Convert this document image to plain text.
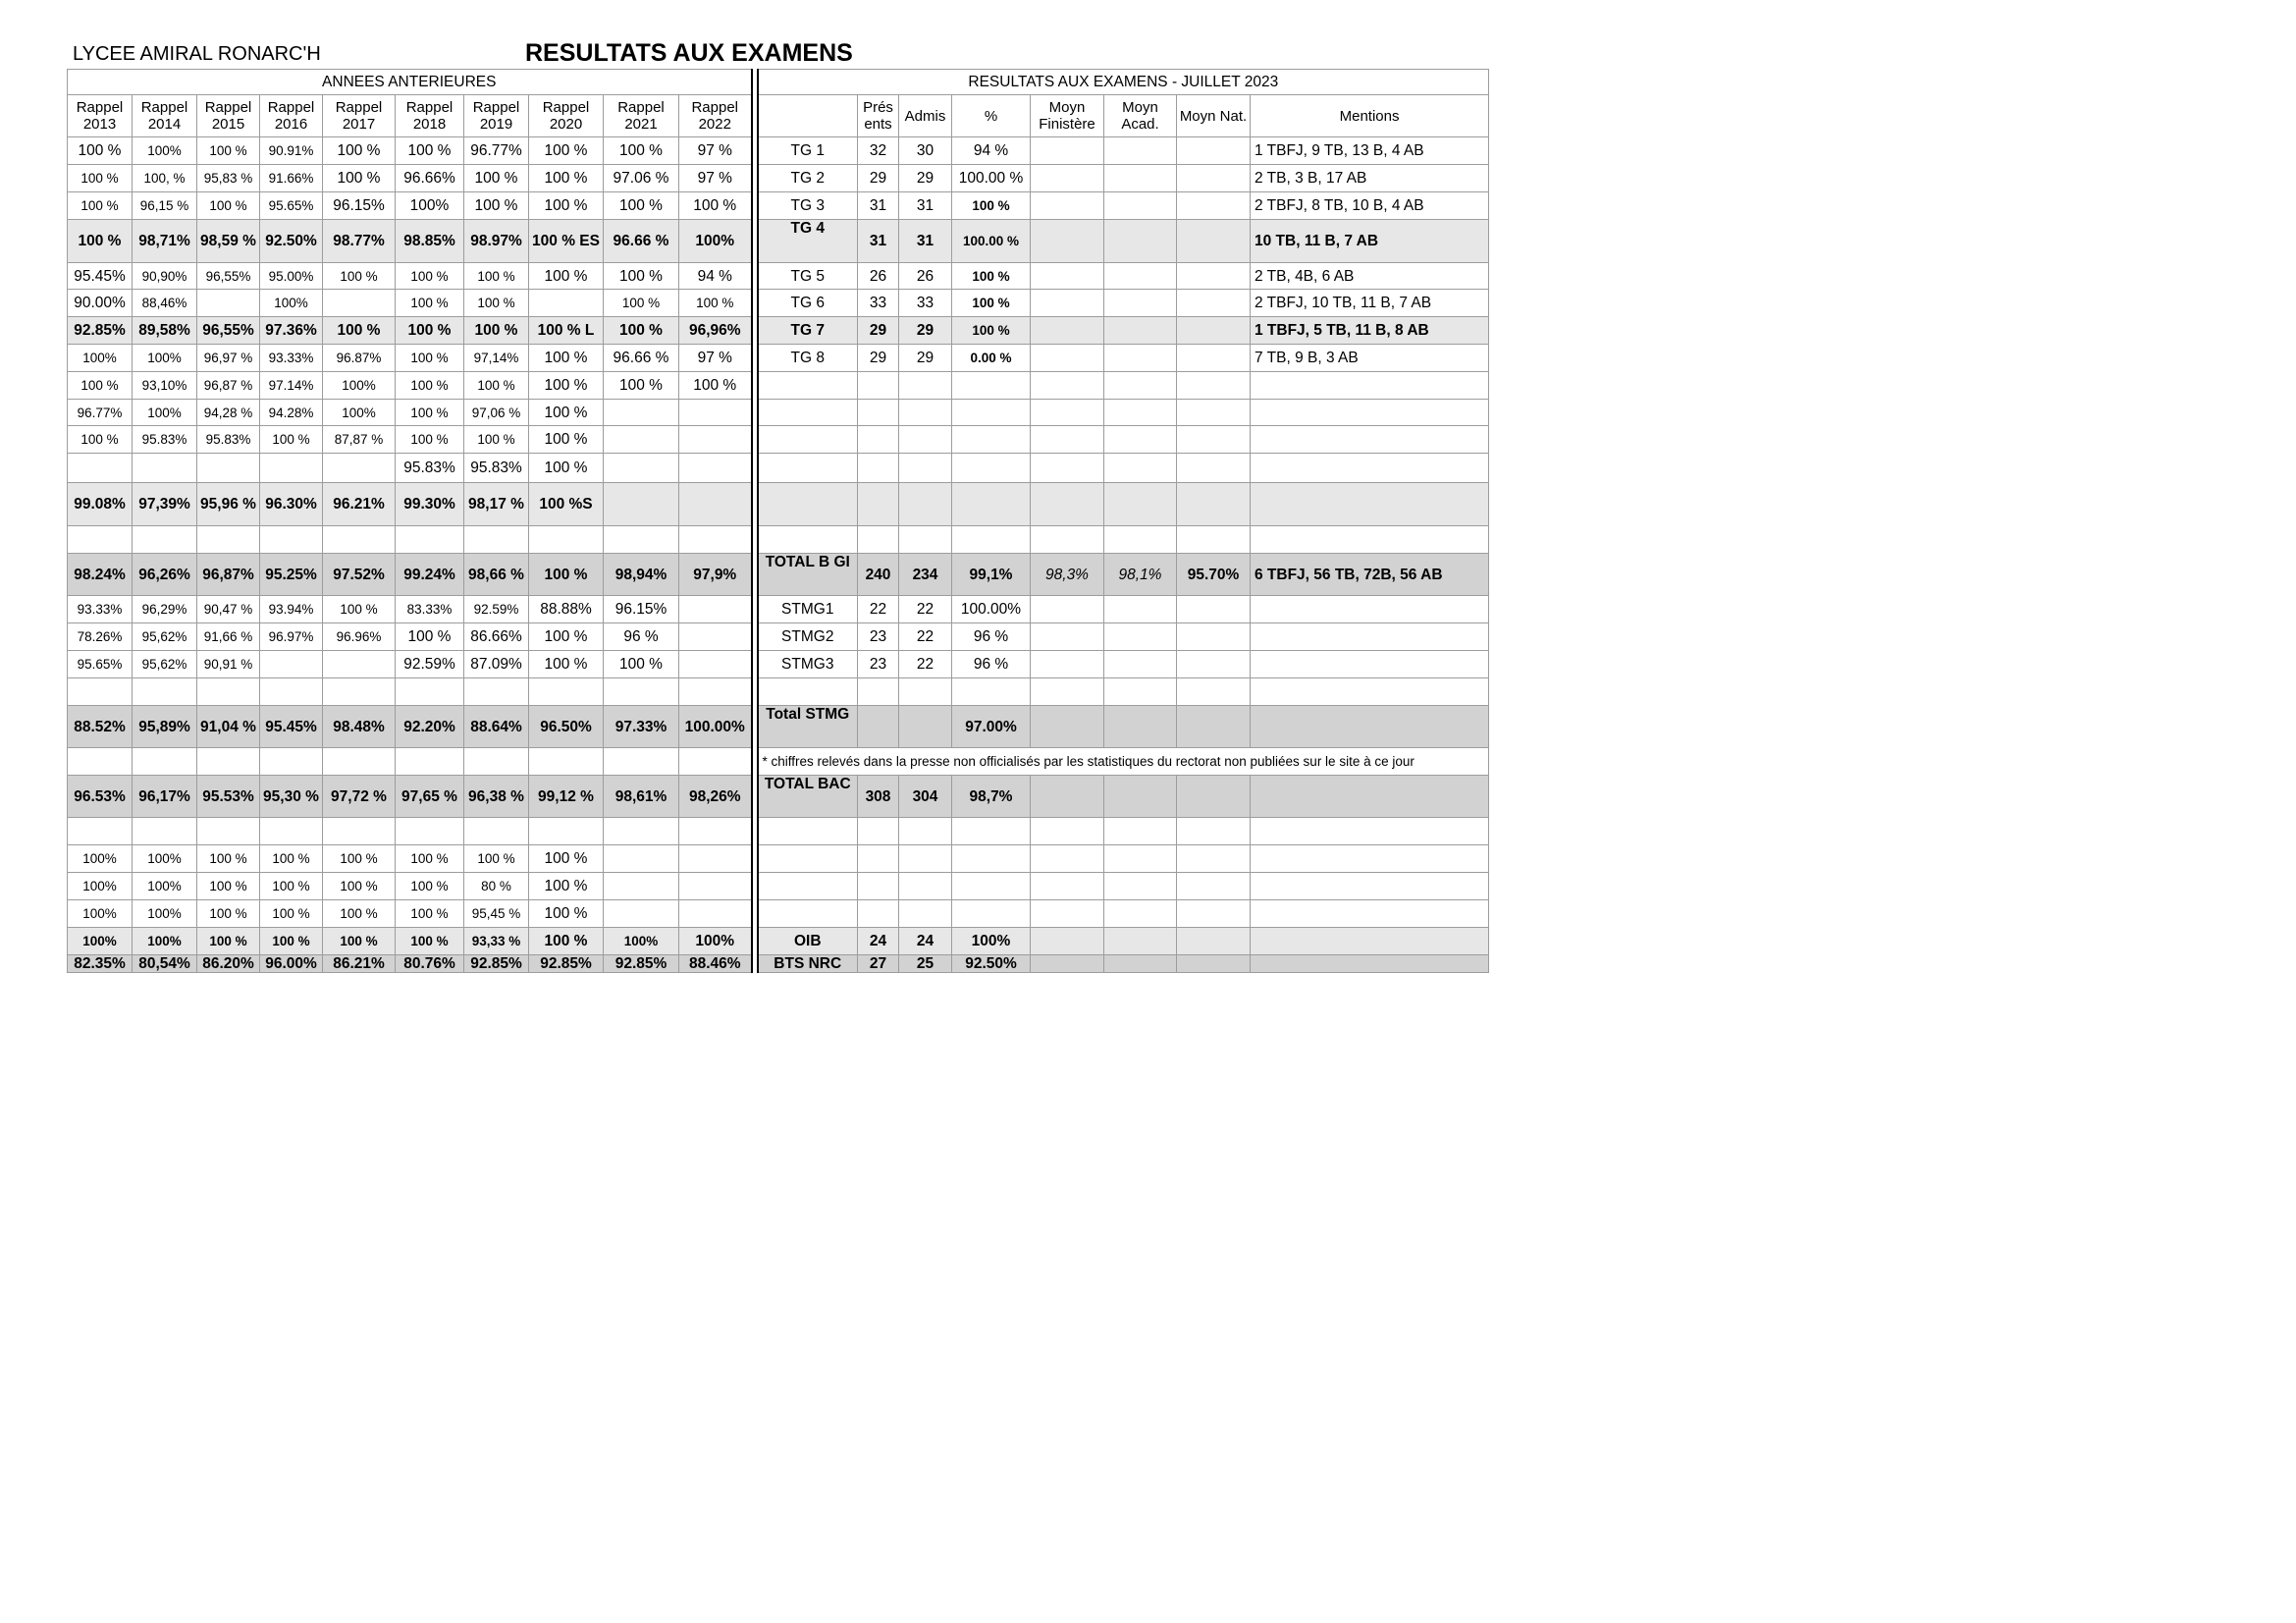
LYCEE AMIRAL RONARC'H	RESULTATS AUX EXAMENS
ANNEES ANTERIEURES											RESULTATS AUX EXAMENS - JUILLET 2023							
Rappel 2013	Rappel 2014	Rappel 2015	Rappel 2016	Rappel 2017	Rappel 2018	Rappel 2019	Rappel 2020	Rappel 2021	Rappel 2022			Prés ents	Admis	%	Moyn Finistère	Moyn Acad.	Moyn Nat.	Mentions
100 %	100%	100 %	90.91%	100 %	100 %	96.77%	100 %	100 %	97 %		TG 1	32	30	94 %				1 TBFJ, 9 TB, 13 B, 4 AB
100 %	100, %	95,83 %	91.66%	100 %	96.66%	100 %	100 %	97.06 %	97 %		TG 2	29	29	100.00 %				2 TB, 3 B, 17 AB
100 %	96,15 %	100 %	95.65%	96.15%	100%	100 %	100 %	100 %	100 %		TG 3	31	31	100 %				2 TBFJ, 8 TB, 10 B, 4 AB
100 %	98,71%	98,59 %	92.50%	98.77%	98.85%	98.97%	100 % ES	96.66 %	100%		TG 4	31	31	100.00 %				10 TB, 11 B, 7 AB
95.45%	90,90%	96,55%	95.00%	100 %	100 %	100 %	100 %	100 %	94 %		TG 5	26	26	100 %				2 TB, 4B, 6 AB
90.00%	88,46%		100%		100 %	100 %		100 %	100 %		TG 6	33	33	100 %				2 TBFJ, 10 TB, 11 B, 7 AB
92.85%	89,58%	96,55%	97.36%	100 %	100 %	100 %	100 % L	100 %	96,96%		TG 7	29	29	100 %				1 TBFJ, 5 TB, 11 B, 8 AB
100%	100%	96,97 %	93.33%	96.87%	100 %	97,14%	100 %	96.66 %	97 %		TG 8	29	29	0.00 %				7 TB, 9 B, 3 AB
100 %	93,10%	96,87 %	97.14%	100%	100 %	100 %	100 %	100 %	100 %									
96.77%	100%	94,28 %	94.28%	100%	100 %	97,06 %	100 %											
100 %	95.83%	95.83%	100 %	87,87 %	100 %	100 %	100 %											
					95.83%	95.83%	100 %											
99.08%	97,39%	95,96 %	96.30%	96.21%	99.30%	98,17 %	100 %S											

98.24%	96,26%	96,87%	95.25%	97.52%	99.24%	98,66 %	100 %	98,94%	97,9%		TOTAL B GI	240	234	99,1%	98,3%	98,1%	95.70%	6 TBFJ, 56 TB, 72B, 56 AB
93.33%	96,29%	90,47 %	93.94%	100 %	83.33%	92.59%	88.88%	96.15%			STMG1	22	22	100.00%				
78.26%	95,62%	91,66 %	96.97%	96.96%	100 %	86.66%	100 %	96 %			STMG2	23	22	96 %				
95.65%	95,62%	90,91 %			92.59%	87.09%	100 %	100 %			STMG3	23	22	96 %				

88.52%	95,89%	91,04 %	95.45%	98.48%	92.20%	88.64%	96.50%	97.33%	100.00%		Total STMG			97.00%				
											* chiffres relevés dans la presse non officialisés par les statistiques du rectorat non publiées sur le site à ce jour							
96.53%	96,17%	95.53%	95,30 %	97,72 %	97,65 %	96,38 %	99,12 %	98,61%	98,26%		TOTAL BAC	308	304	98,7%				

100%	100%	100 %	100 %	100 %	100 %	100 %	100 %											
100%	100%	100 %	100 %	100 %	100 %	80 %	100 %											
100%	100%	100 %	100 %	100 %	100 %	95,45 %	100 %											
100%	100%	100 %	100 %	100 %	100 %	93,33 %	100 %	100%	100%		OIB	24	24	100%				
82.35%	80,54%	86.20%	96.00%	86.21%	80.76%	92.85%	92.85%	92.85%	88.46%		BTS NRC	27	25	92.50%				
